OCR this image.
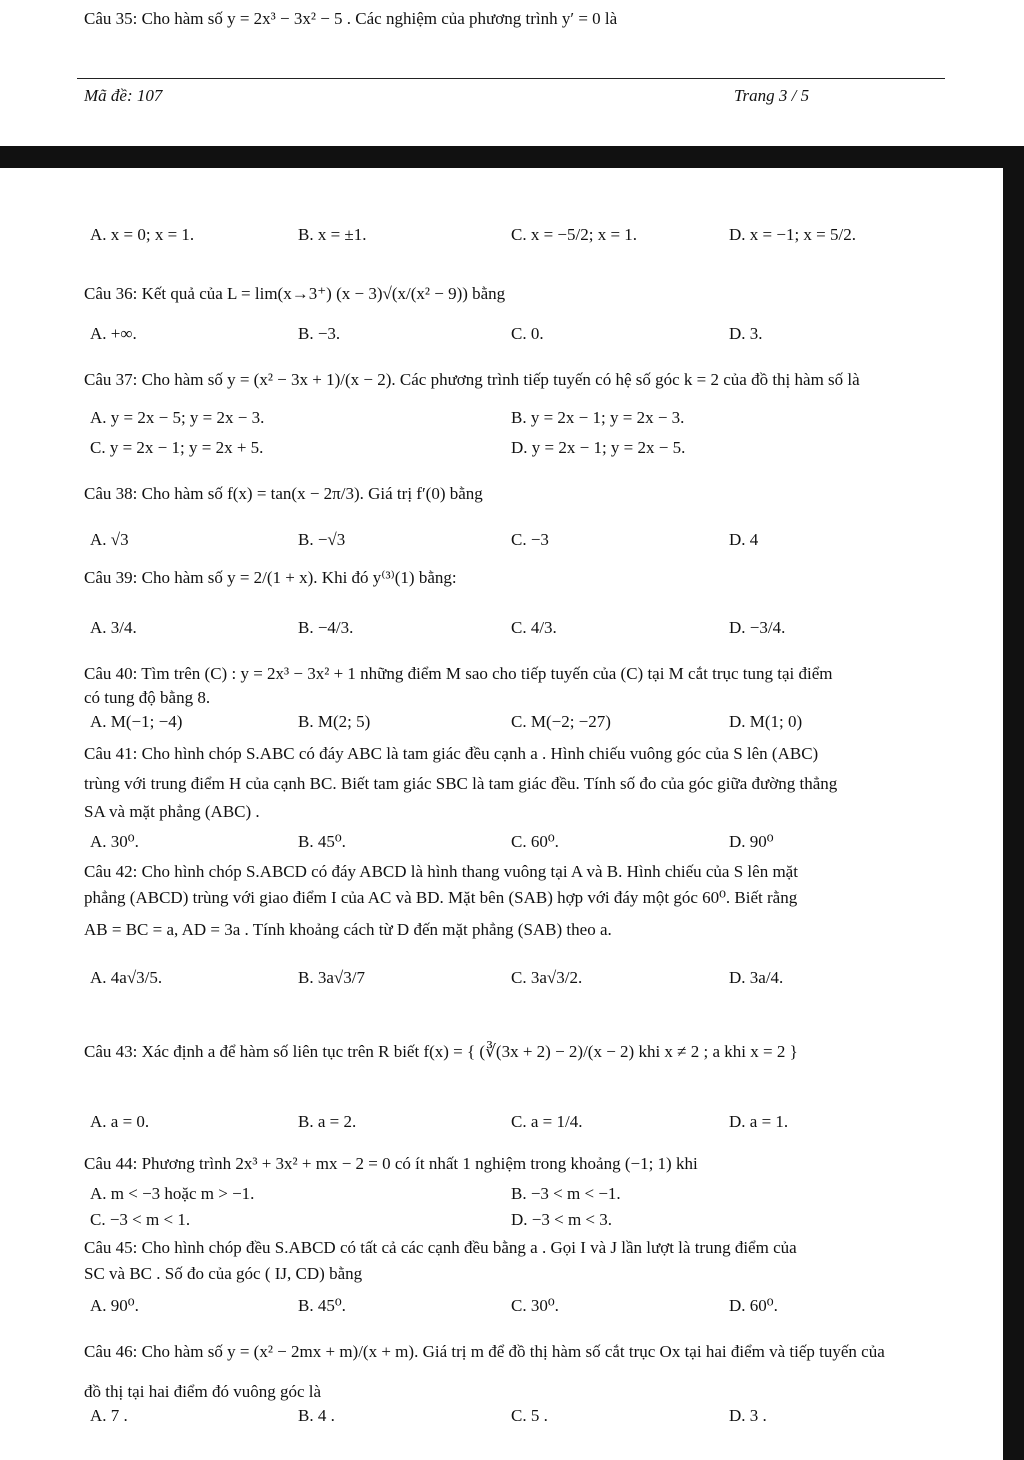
Câu 35: Cho hàm số y = 2x³ − 3x² − 5 . Các nghiệm của phương trình y′ = 0 là
Mã đề: 107	Trang 3 / 5
A. x = 0; x = 1.	B. x = ±1.	C. x = −5/2; x = 1.	D. x = −1; x = 5/2.
Câu 36: Kết quả của L = lim(x→3⁺) (x − 3)√(x/(x² − 9)) bằng
A. +∞.	B. −3.	C. 0.	D. 3.
Câu 37: Cho hàm số y = (x² − 3x + 1)/(x − 2). Các phương trình tiếp tuyến có hệ số góc k = 2 của đồ thị hàm số là
A. y = 2x − 5; y = 2x − 3.	B. y = 2x − 1; y = 2x − 3.
C. y = 2x − 1; y = 2x + 5.	D. y = 2x − 1; y = 2x − 5.
Câu 38: Cho hàm số f(x) = tan(x − 2π/3). Giá trị f′(0) bằng
A. √3	B. −√3	C. −3	D. 4
Câu 39: Cho hàm số y = 2/(1 + x). Khi đó y⁽³⁾(1) bằng:
A. 3/4.	B. −4/3.	C. 4/3.	D. −3/4.
Câu 40: Tìm trên (C) : y = 2x³ − 3x² + 1 những điểm M sao cho tiếp tuyến của (C) tại M cắt trục tung tại điểm
có tung độ bằng 8.
A. M(−1; −4)	B. M(2; 5)	C. M(−2; −27)	D. M(1; 0)
Câu 41: Cho hình chóp S.ABC có đáy ABC là tam giác đều cạnh a . Hình chiếu vuông góc của S lên (ABC)
trùng với trung điểm H của cạnh BC. Biết tam giác SBC là tam giác đều. Tính số đo của góc giữa đường thẳng
SA và mặt phẳng (ABC) .
A. 30⁰.	B. 45⁰.	C. 60⁰.	D. 90⁰
Câu 42: Cho hình chóp S.ABCD có đáy ABCD là hình thang vuông tại A và B. Hình chiếu của S lên mặt
phẳng (ABCD) trùng với giao điểm I của AC và BD. Mặt bên (SAB) hợp với đáy một góc 60⁰. Biết rằng
AB = BC = a, AD = 3a . Tính khoảng cách từ D đến mặt phẳng (SAB) theo a.
A. 4a√3/5.	B. 3a√3/7	C. 3a√3/2.	D. 3a/4.
Câu 43: Xác định a để hàm số liên tục trên R biết f(x) = { (∛(3x + 2) − 2)/(x − 2) khi x ≠ 2 ; a khi x = 2 }
A. a = 0.	B. a = 2.	C. a = 1/4.	D. a = 1.
Câu 44: Phương trình 2x³ + 3x² + mx − 2 = 0 có ít nhất 1 nghiệm trong khoảng (−1; 1) khi
A. m < −3 hoặc m > −1.	B. −3 < m < −1.
C. −3 < m < 1.	D. −3 < m < 3.
Câu 45: Cho hình chóp đều S.ABCD có tất cả các cạnh đều bằng a . Gọi I và J lần lượt là trung điểm của
SC và BC . Số đo của góc ( IJ, CD) bằng
A. 90⁰.	B. 45⁰.	C. 30⁰.	D. 60⁰.
Câu 46: Cho hàm số y = (x² − 2mx + m)/(x + m). Giá trị m để đồ thị hàm số cắt trục Ox tại hai điểm và tiếp tuyến của
đồ thị tại hai điểm đó vuông góc là
A. 7 .	B. 4 .	C. 5 .	D. 3 .
